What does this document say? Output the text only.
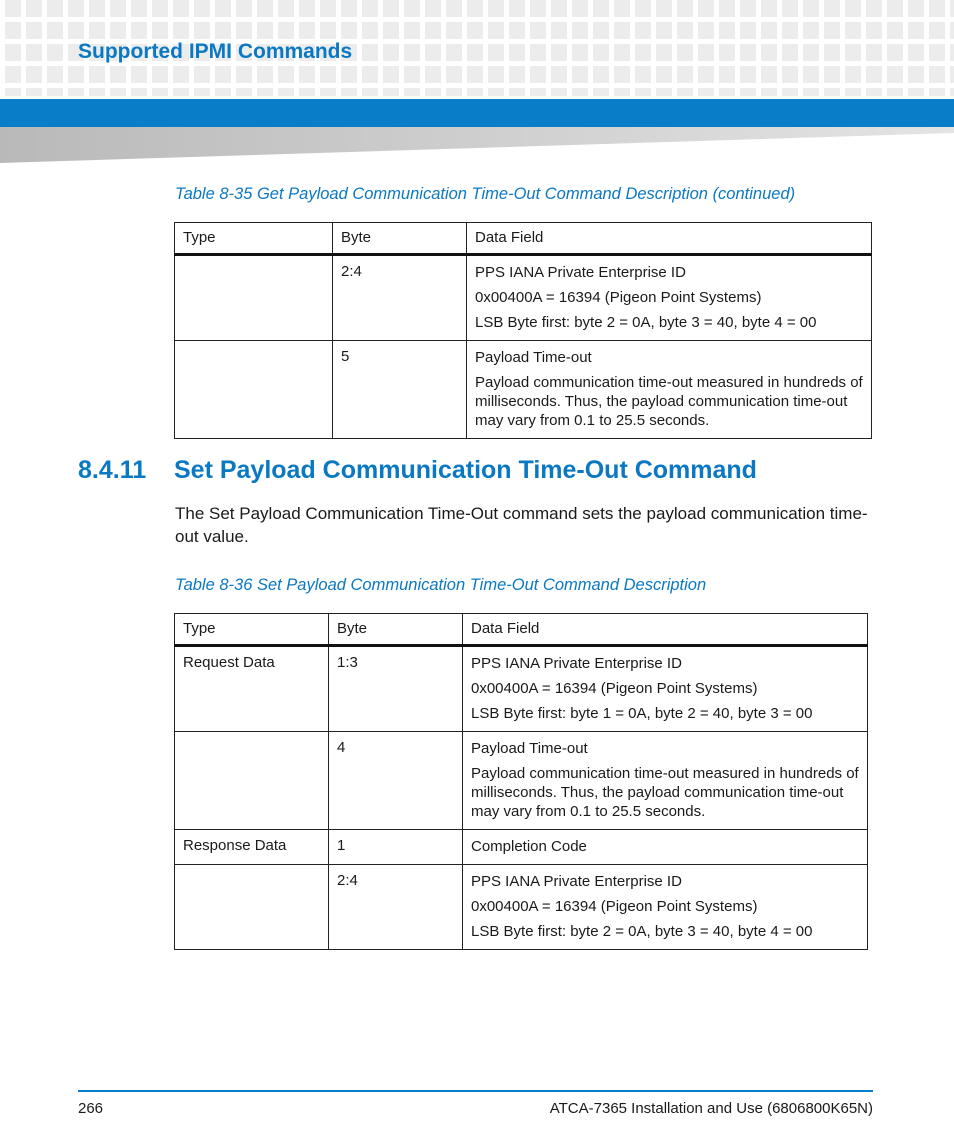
Supported IPMI Commands

Table 8-35 Get Payload Communication Time-Out Command Description (continued)

Type	Byte	Data Field
	2:4	PPS IANA Private Enterprise ID

0x00400A = 16394 (Pigeon Point Systems)

LSB Byte first: byte 2 = 0A, byte 3 = 40, byte 4 = 00

	5	Payload Time-out

Payload communication time-out measured in hundreds of milliseconds. Thus, the payload communication time-out may vary from 0.1 to 25.5 seconds.

8.4.11 Set Payload Communication Time-Out Command

The Set Payload Communication Time-Out command sets the payload communication time-out value.

Table 8-36 Set Payload Communication Time-Out Command Description

Type	Byte	Data Field
Request Data	1:3	PPS IANA Private Enterprise ID

0x00400A = 16394 (Pigeon Point Systems)

LSB Byte first: byte 1 = 0A, byte 2 = 40, byte 3 = 00

	4	Payload Time-out

Payload communication time-out measured in hundreds of milliseconds. Thus, the payload communication time-out may vary from 0.1 to 25.5 seconds.

Response Data	1	Completion Code

	2:4	PPS IANA Private Enterprise ID

0x00400A = 16394 (Pigeon Point Systems)

LSB Byte first: byte 2 = 0A, byte 3 = 40, byte 4 = 00

266	ATCA-7365 Installation and Use (6806800K65N)
